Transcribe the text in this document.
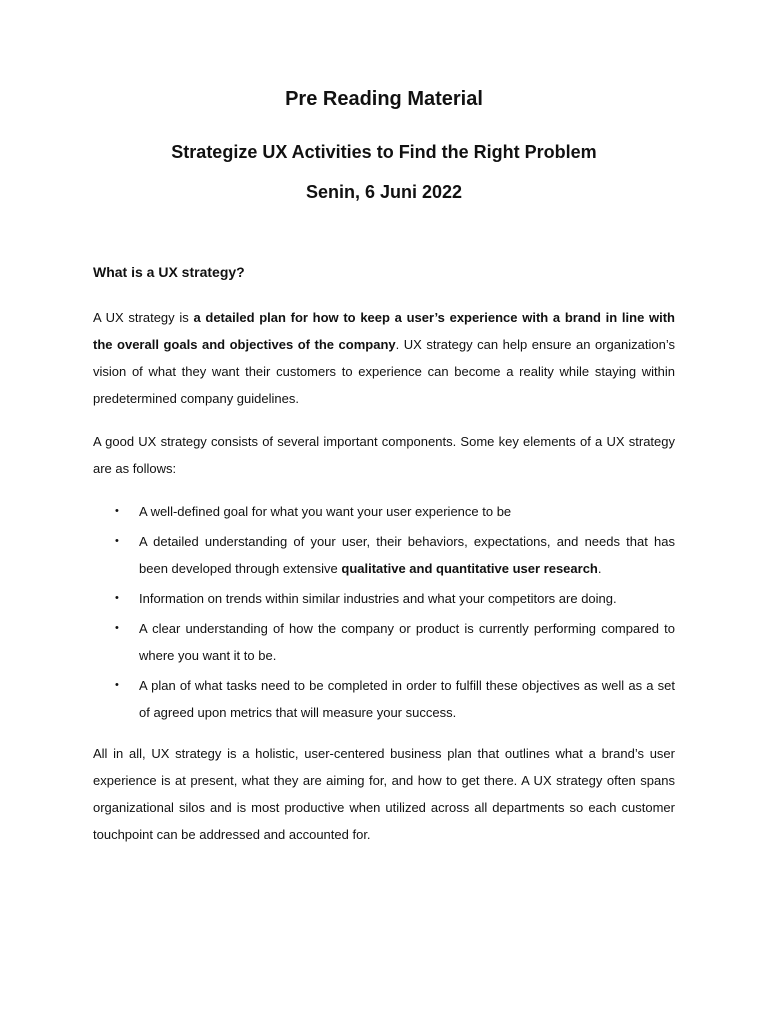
Pre Reading Material
Strategize UX Activities to Find the Right Problem
Senin, 6 Juni 2022
What is a UX strategy?

A UX strategy is a detailed plan for how to keep a user’s experience with a brand in line with the overall goals and objectives of the company. UX strategy can help ensure an organization’s vision of what they want their customers to experience can become a reality while staying within predetermined company guidelines.

A good UX strategy consists of several important components. Some key elements of a UX strategy are as follows:

• A well-defined goal for what you want your user experience to be
• A detailed understanding of your user, their behaviors, expectations, and needs that has been developed through extensive qualitative and quantitative user research.
• Information on trends within similar industries and what your competitors are doing.
• A clear understanding of how the company or product is currently performing compared to where you want it to be.
• A plan of what tasks need to be completed in order to fulfill these objectives as well as a set of agreed upon metrics that will measure your success.

All in all, UX strategy is a holistic, user-centered business plan that outlines what a brand’s user experience is at present, what they are aiming for, and how to get there. A UX strategy often spans organizational silos and is most productive when utilized across all departments so each customer touchpoint can be addressed and accounted for.
